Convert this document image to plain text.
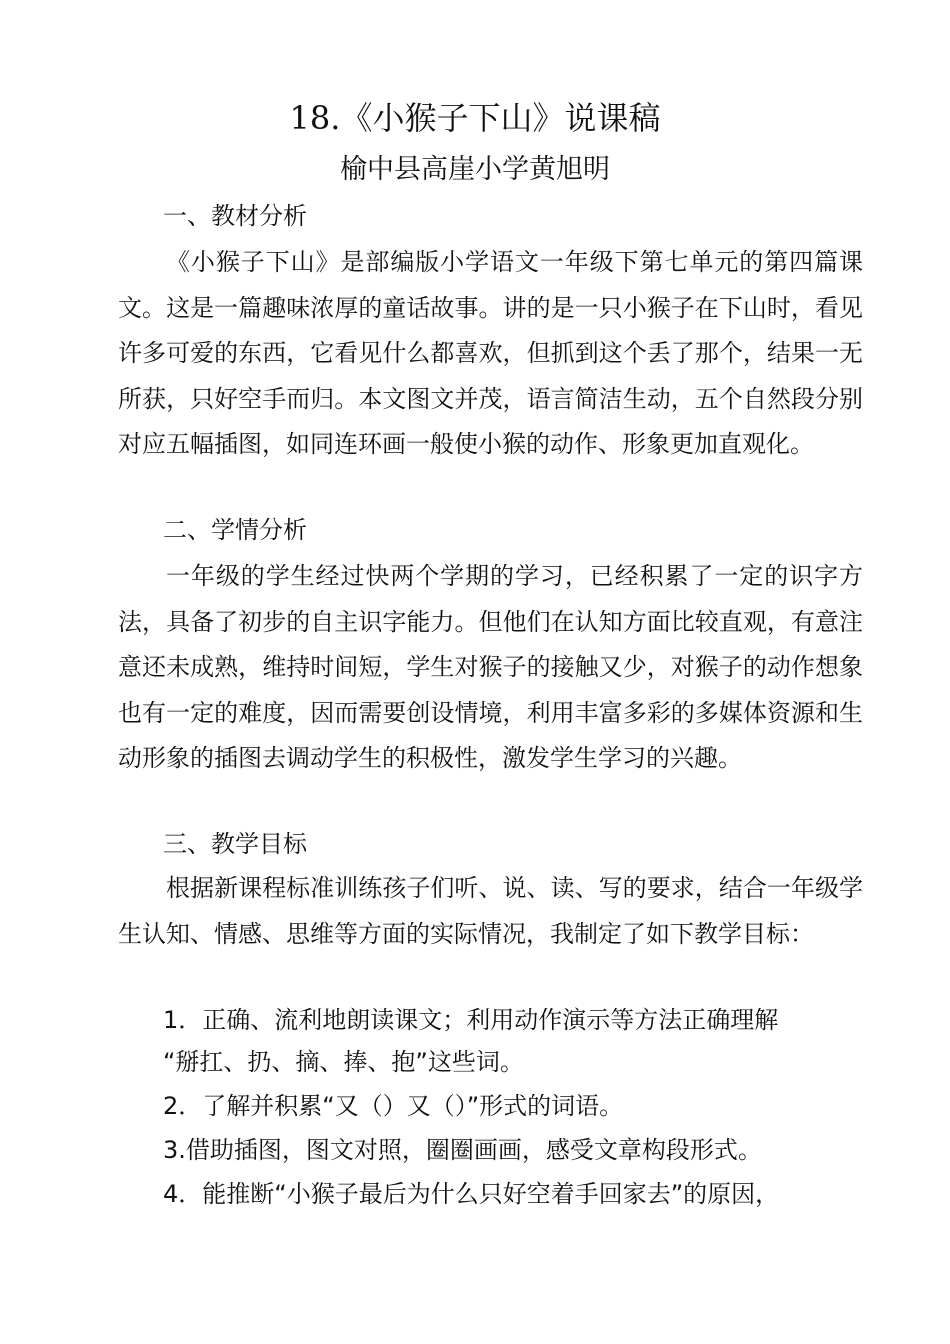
18.《小猴子下山》说课稿
榆中县高崖小学黄旭明
一、教材分析
《小猴子下山》是部编版小学语文一年级下第七单元的第四篇课文。这是一篇趣味浓厚的童话故事。讲的是一只小猴子在下山时，看见许多可爱的东西，它看见什么都喜欢，但抓到这个丢了那个，结果一无所获，只好空手而归。本文图文并茂，语言简洁生动，五个自然段分别对应五幅插图，如同连环画一般使小猴的动作、形象更加直观化。
二、学情分析
一年级的学生经过快两个学期的学习，已经积累了一定的识字方法，具备了初步的自主识字能力。但他们在认知方面比较直观，有意注意还未成熟，维持时间短，学生对猴子的接触又少，对猴子的动作想象也有一定的难度，因而需要创设情境，利用丰富多彩的多媒体资源和生动形象的插图去调动学生的积极性，激发学生学习的兴趣。
三、教学目标
根据新课程标准训练孩子们听、说、读、写的要求，结合一年级学生认知、情感、思维等方面的实际情况，我制定了如下教学目标：
1．正确、流利地朗读课文；利用动作演示等方法正确理解
“掰扛、扔、摘、捧、抱”这些词。
2．了解并积累“又（）又（）”形式的词语。
3.借助插图，图文对照，圈圈画画，感受文章构段形式。
4．能推断“小猴子最后为什么只好空着手回家去”的原因，
